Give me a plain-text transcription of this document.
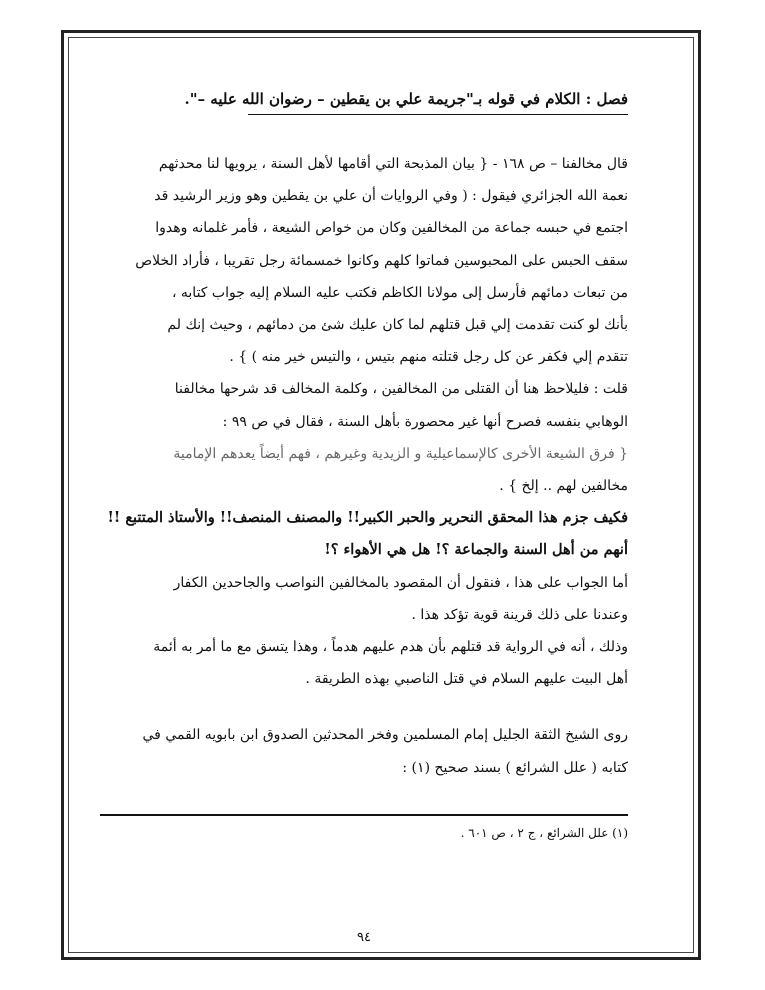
فصل : الكلام في قوله بـ"جريمة علي بن يقطين – رضوان الله عليه –".
قال مخالفنا – ص ١٦٨ - { بيان المذبحة التي أقامها لأهل السنة ، يرويها لنا محدثهم
نعمة الله الجزائري فيقول : ( وفي الروايات أن علي بن يقطين وهو وزير الرشيد قد
اجتمع في حبسه جماعة من المخالفين وكان من خواص الشيعة ، فأمر غلمانه وهدوا
سقف الحبس على المحبوسين فماتوا كلهم وكانوا خمسمائة رجل تقريبا ، فأراد الخلاص
من تبعات دمائهم فأرسل إلى مولانا الكاظم فكتب عليه السلام إليه جواب كتابه ،
بأنك لو كنت تقدمت إلي قبل قتلهم لما كان عليك شئ من دمائهم ، وحيث إنك لم
تتقدم إلي فكفر عن كل رجل قتلته منهم بتيس ، والتيس خير منه ) } .
قلت : فليلاحظ هنا أن القتلى من المخالفين ، وكلمة المخالف قد شرحها مخالفنا
الوهابي بنفسه فصرح أنها غير محصورة بأهل السنة ، فقال في ص ٩٩ :
{ فرق الشيعة الأخرى كالإسماعيلية و الزيدية وغيرهم ، فهم أيضاً يعدهم الإمامية
مخالفين لهم .. إلخ } .
فكيف جزم هذا المحقق النحرير والحبر الكبير!! والمصنف المنصف!! والأستاذ المتتبع !!
أنهم من أهل السنة والجماعة ؟! هل هي الأهواء ؟!
أما الجواب على هذا ، فنقول أن المقصود بالمخالفين النواصب والجاحدين الكفار
وعندنا على ذلك قرينة قوية تؤكد هذا .
وذلك ، أنه في الرواية قد قتلهم بأن هدم عليهم هدماً ، وهذا يتسق مع ما أمر به أئمة
أهل البيت عليهم السلام في قتل الناصبي بهذه الطريقة .
روى الشيخ الثقة الجليل إمام المسلمين وفخر المحدثين الصدوق ابن بابويه القمي في
كتابه ( علل الشرائع ) بسند صحيح (١) :
(١) علل الشرائع ، ج ٢ ، ص ٦٠١ .
٩٤
